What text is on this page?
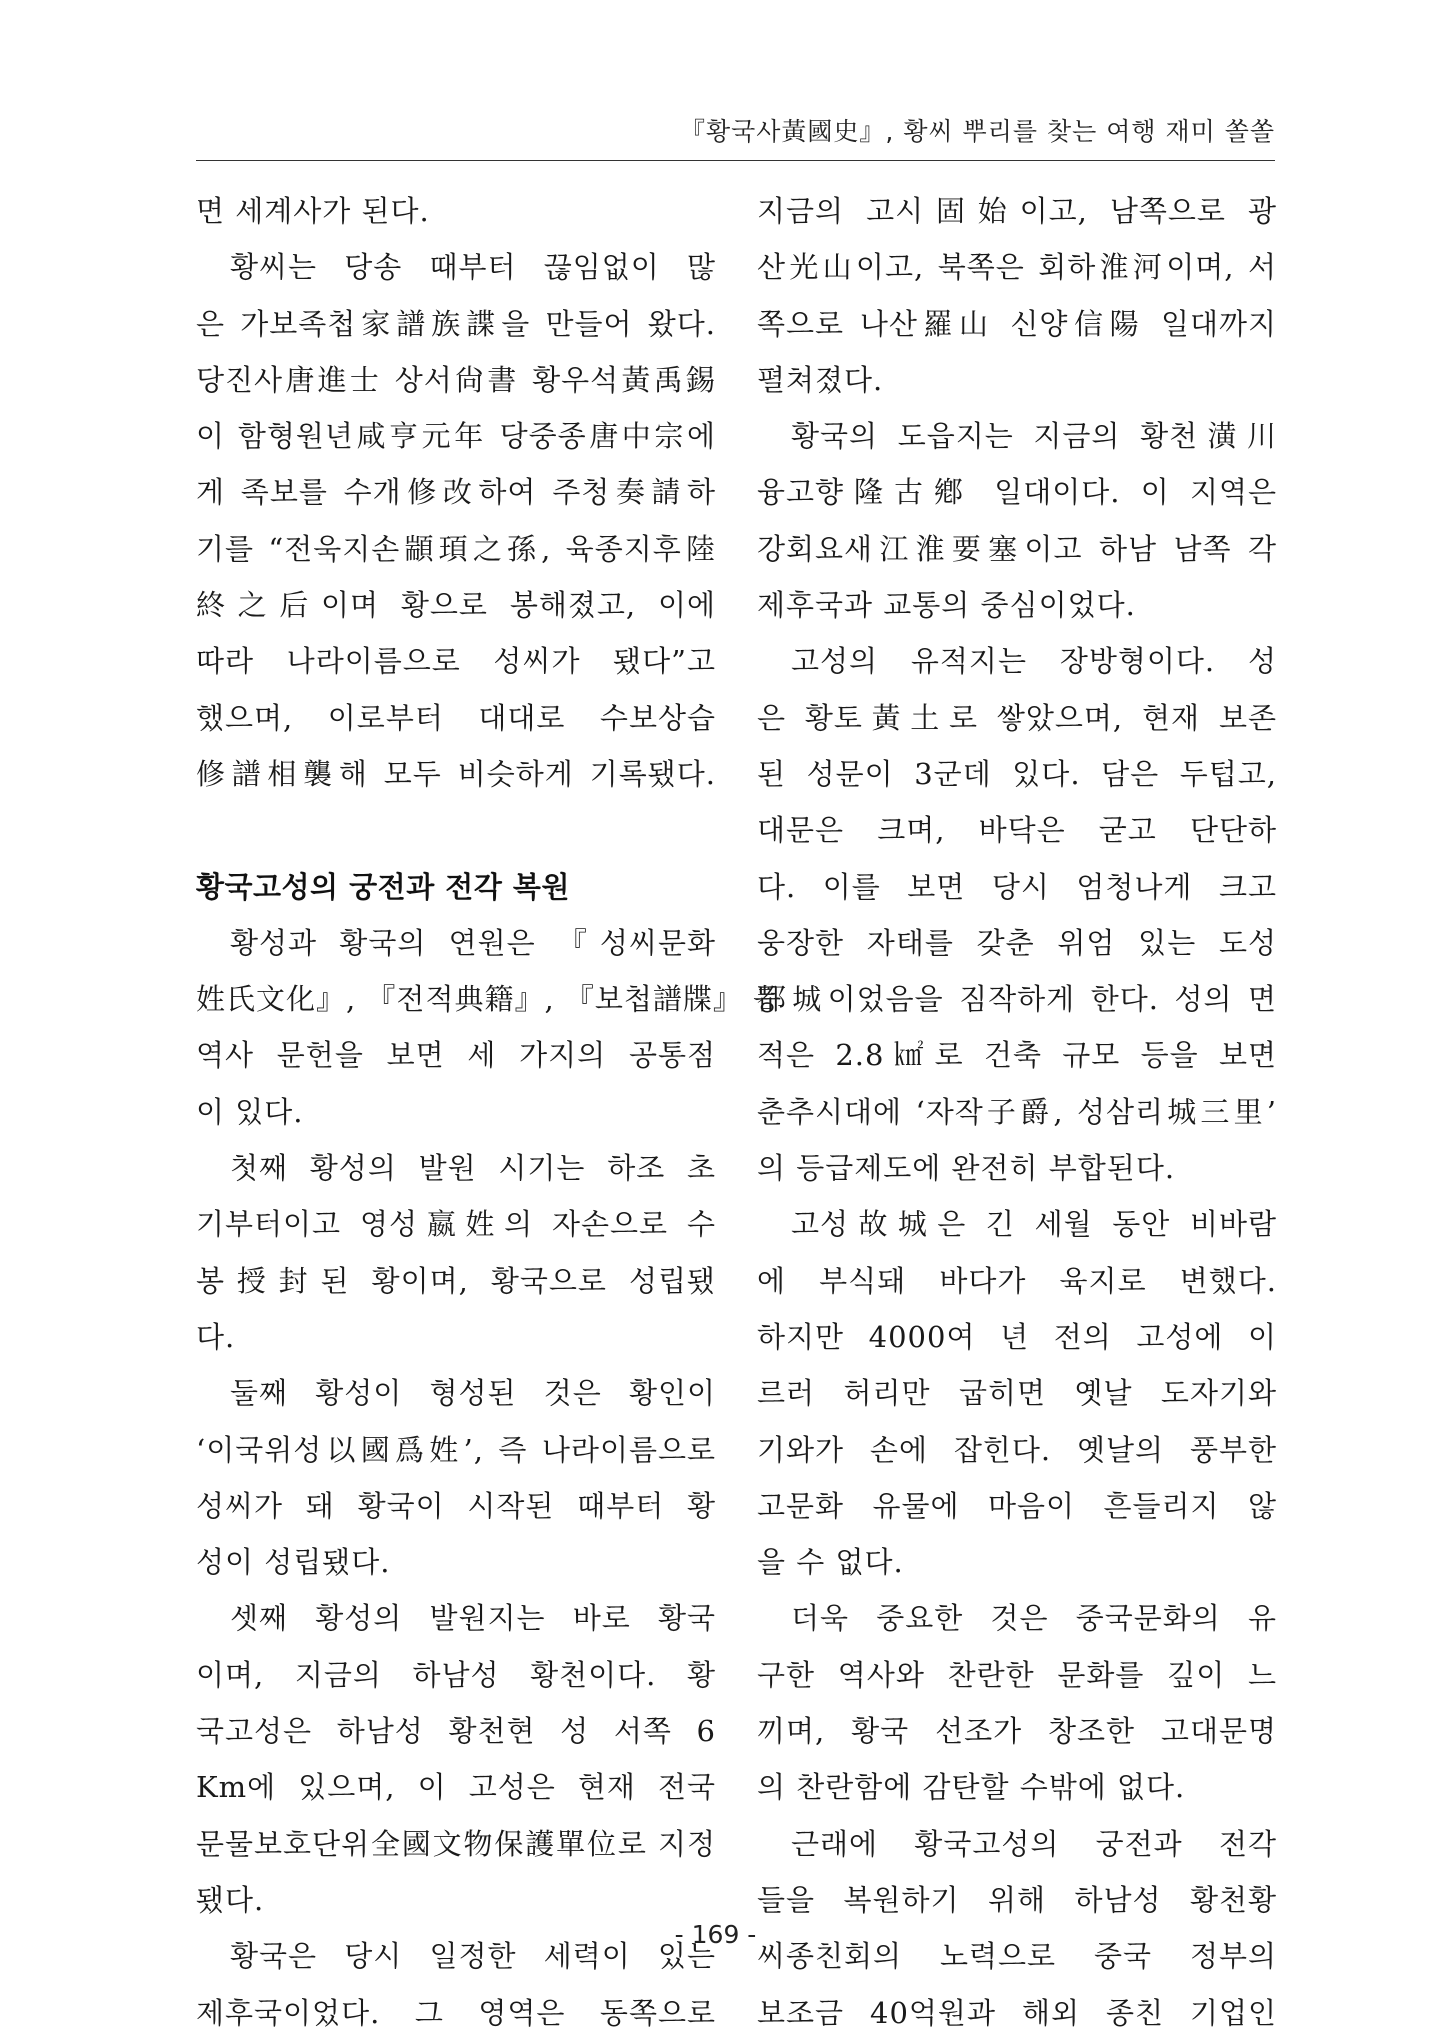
『황국사黃國史』, 황씨 뿌리를 찾는 여행 재미 쏠쏠
면 세계사가 된다.
황씨는 당송 때부터 끊임없이 많
은 가보족첩家譜族諜을 만들어 왔다.
당진사唐進士 상서尙書 황우석黃禹錫
이 함형원년咸亨元年 당중종唐中宗에
게 족보를 수개修改하여 주청奏請하
기를 “전욱지손顓頊之孫, 육종지후陸
終之后이며 황으로 봉해졌고, 이에
따라 나라이름으로 성씨가 됐다”고
했으며, 이로부터 대대로 수보상습
修譜相襲해 모두 비슷하게 기록됐다.
황국고성의 궁전과 전각 복원
황성과 황국의 연원은 『성씨문화
姓氏文化』, 『전적典籍』, 『보첩譜牒』 등
역사 문헌을 보면 세 가지의 공통점
이 있다.
첫째 황성의 발원 시기는 하조 초
기부터이고 영성嬴姓의 자손으로 수
봉授封된 황이며, 황국으로 성립됐
다.
둘째 황성이 형성된 것은 황인이
‘이국위성以國爲姓’, 즉 나라이름으로
성씨가 돼 황국이 시작된 때부터 황
성이 성립됐다.
셋째 황성의 발원지는 바로 황국
이며, 지금의 하남성 황천이다. 황
국고성은 하남성 황천현 성 서쪽 6
Km에 있으며, 이 고성은 현재 전국
문물보호단위全國文物保護單位로 지정
됐다.
황국은 당시 일정한 세력이 있는
제후국이었다. 그 영역은 동쪽으로
지금의 고시固始이고, 남쪽으로 광
산光山이고, 북쪽은 회하淮河이며, 서
쪽으로 나산羅山 신양信陽 일대까지
펼쳐졌다.
황국의 도읍지는 지금의 황천潢川
융고향隆古鄕 일대이다. 이 지역은
강회요새江淮要塞이고 하남 남쪽 각
제후국과 교통의 중심이었다.
고성의 유적지는 장방형이다. 성
은 황토黃土로 쌓았으며, 현재 보존
된 성문이 3군데 있다. 담은 두텁고,
대문은 크며, 바닥은 굳고 단단하
다. 이를 보면 당시 엄청나게 크고
웅장한 자태를 갖춘 위엄 있는 도성
都城이었음을 짐작하게 한다. 성의 면
적은 2.8㎢로 건축 규모 등을 보면
춘추시대에 ‘자작子爵, 성삼리城三里’
의 등급제도에 완전히 부합된다.
고성故城은 긴 세월 동안 비바람
에 부식돼 바다가 육지로 변했다.
하지만 4000여 년 전의 고성에 이
르러 허리만 굽히면 옛날 도자기와
기와가 손에 잡힌다. 옛날의 풍부한
고문화 유물에 마음이 흔들리지 않
을 수 없다.
더욱 중요한 것은 중국문화의 유
구한 역사와 찬란한 문화를 깊이 느
끼며, 황국 선조가 창조한 고대문명
의 찬란함에 감탄할 수밖에 없다.
근래에 황국고성의 궁전과 전각
들을 복원하기 위해 하남성 황천황
씨종친회의 노력으로 중국 정부의
보조금 40억원과 해외 종친 기업인
- 169 -
